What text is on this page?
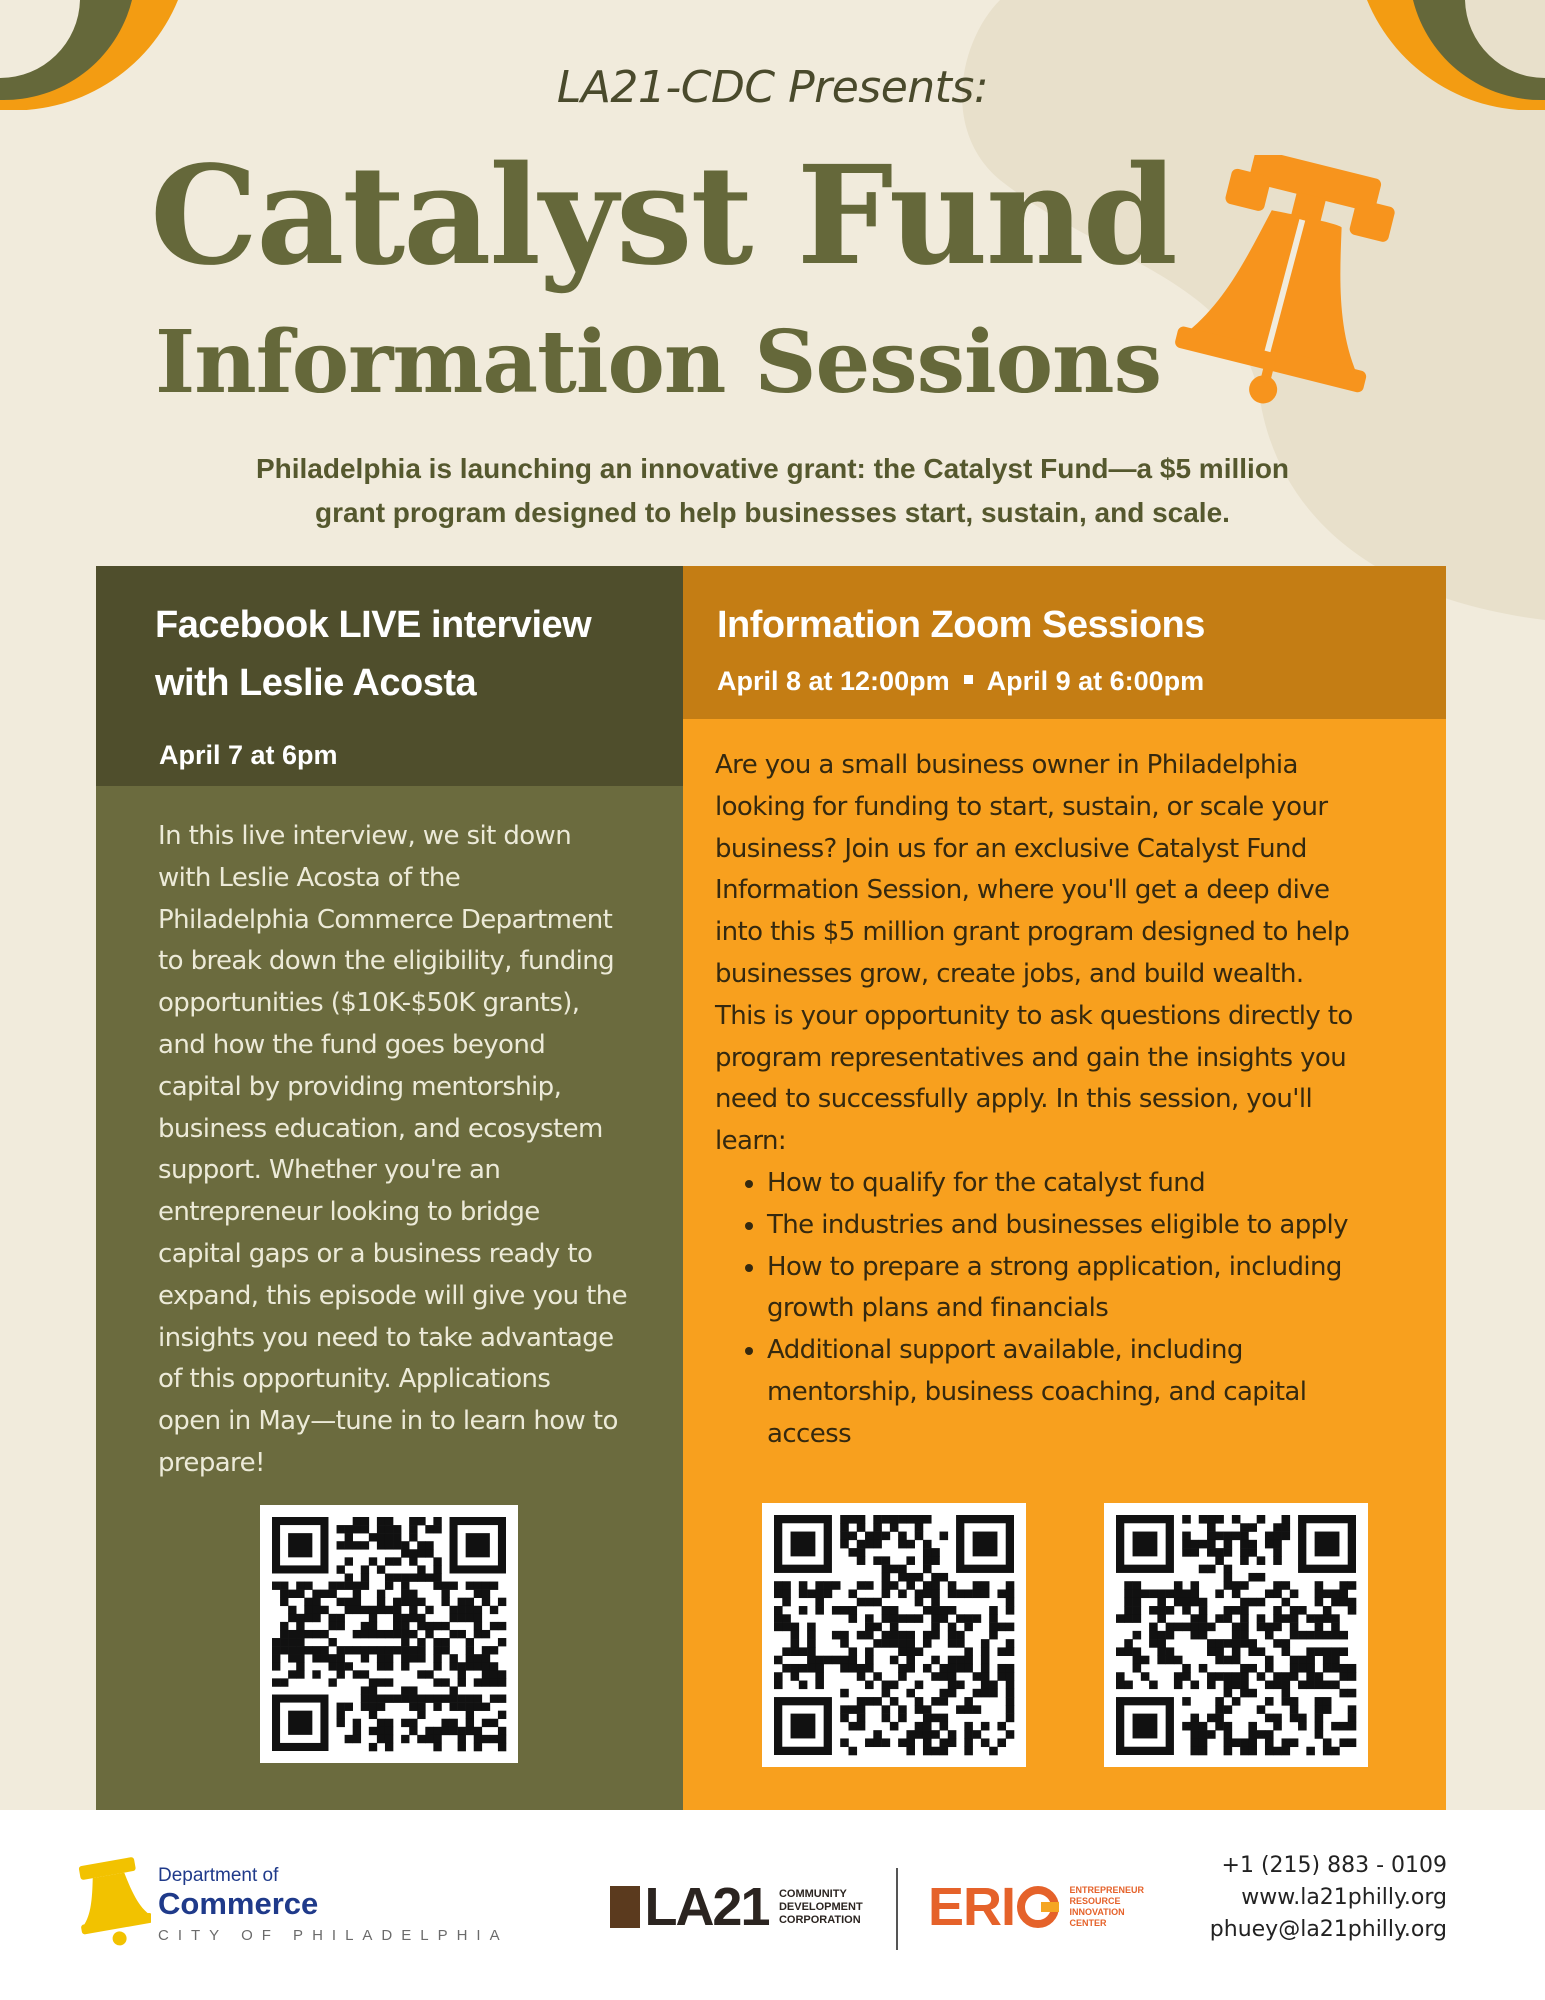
LA21-CDC Presents:
Catalyst Fund
Information Sessions
Philadelphia is launching an innovative grant: the Catalyst Fund—a $5 million
grant program designed to help businesses start, sustain, and scale.
Facebook LIVE interview
with Leslie Acosta
April 7 at 6pm
In this live interview, we sit down
with Leslie Acosta of the
Philadelphia Commerce Department
to break down the eligibility, funding
opportunities ($10K-$50K grants),
and how the fund goes beyond
capital by providing mentorship,
business education, and ecosystem
support. Whether you're an
entrepreneur looking to bridge
capital gaps or a business ready to
expand, this episode will give you the
insights you need to take advantage
of this opportunity. Applications
open in May—tune in to learn how to
prepare!
Information Zoom Sessions
April 8 at 12:00pm April 9 at 6:00pm
Are you a small business owner in Philadelphia
looking for funding to start, sustain, or scale your
business? Join us for an exclusive Catalyst Fund
Information Session, where you'll get a deep dive
into this $5 million grant program designed to help
businesses grow, create jobs, and build wealth.
This is your opportunity to ask questions directly to
program representatives and gain the insights you
need to successfully apply. In this session, you'll
learn:
• How to qualify for the catalyst fund
• The industries and businesses eligible to apply
• How to prepare a strong application, including
growth plans and financials
• Additional support available, including
mentorship, business coaching, and capital
access
Department of
Commerce
CITY OF PHILADELPHIA	LA21 COMMUNITY
DEVELOPMENT
CORPORATION ERI	ENTREPRENEUR
RESOURCE
INNOVATION
CENTER
+1 (215) 883 - 0109
www.la21philly.org
phuey@la21philly.org
